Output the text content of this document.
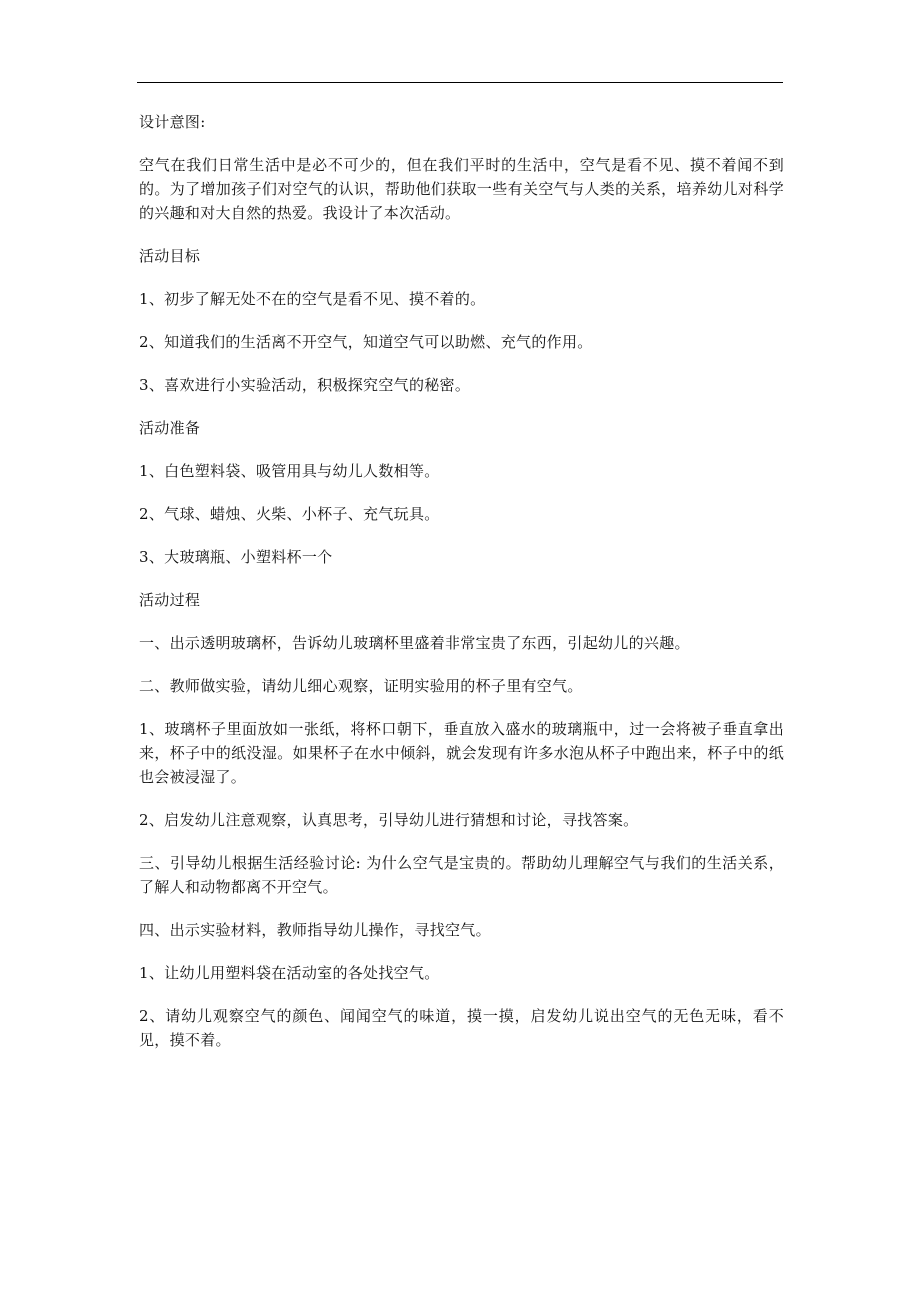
设计意图:

空气在我们日常生活中是必不可少的，但在我们平时的生活中，空气是看不见、摸不着闻不到的。为了增加孩子们对空气的认识，帮助他们获取一些有关空气与人类的关系，培养幼儿对科学的兴趣和对大自然的热爱。我设计了本次活动。

活动目标

1、初步了解无处不在的空气是看不见、摸不着的。

2、知道我们的生活离不开空气，知道空气可以助燃、充气的作用。

3、喜欢进行小实验活动，积极探究空气的秘密。

活动准备

1、白色塑料袋、吸管用具与幼儿人数相等。

2、气球、蜡烛、火柴、小杯子、充气玩具。

3、大玻璃瓶、小塑料杯一个

活动过程

一、出示透明玻璃杯，告诉幼儿玻璃杯里盛着非常宝贵了东西，引起幼儿的兴趣。

二、教师做实验，请幼儿细心观察，证明实验用的杯子里有空气。

1、玻璃杯子里面放如一张纸，将杯口朝下，垂直放入盛水的玻璃瓶中，过一会将被子垂直拿出来，杯子中的纸没湿。如果杯子在水中倾斜，就会发现有许多水泡从杯子中跑出来，杯子中的纸也会被浸湿了。

2、启发幼儿注意观察，认真思考，引导幼儿进行猜想和讨论，寻找答案。

三、引导幼儿根据生活经验讨论: 为什么空气是宝贵的。帮助幼儿理解空气与我们的生活关系，了解人和动物都离不开空气。

四、出示实验材料，教师指导幼儿操作，寻找空气。

1、让幼儿用塑料袋在活动室的各处找空气。

2、请幼儿观察空气的颜色、闻闻空气的味道，摸一摸，启发幼儿说出空气的无色无味，看不见，摸不着。
